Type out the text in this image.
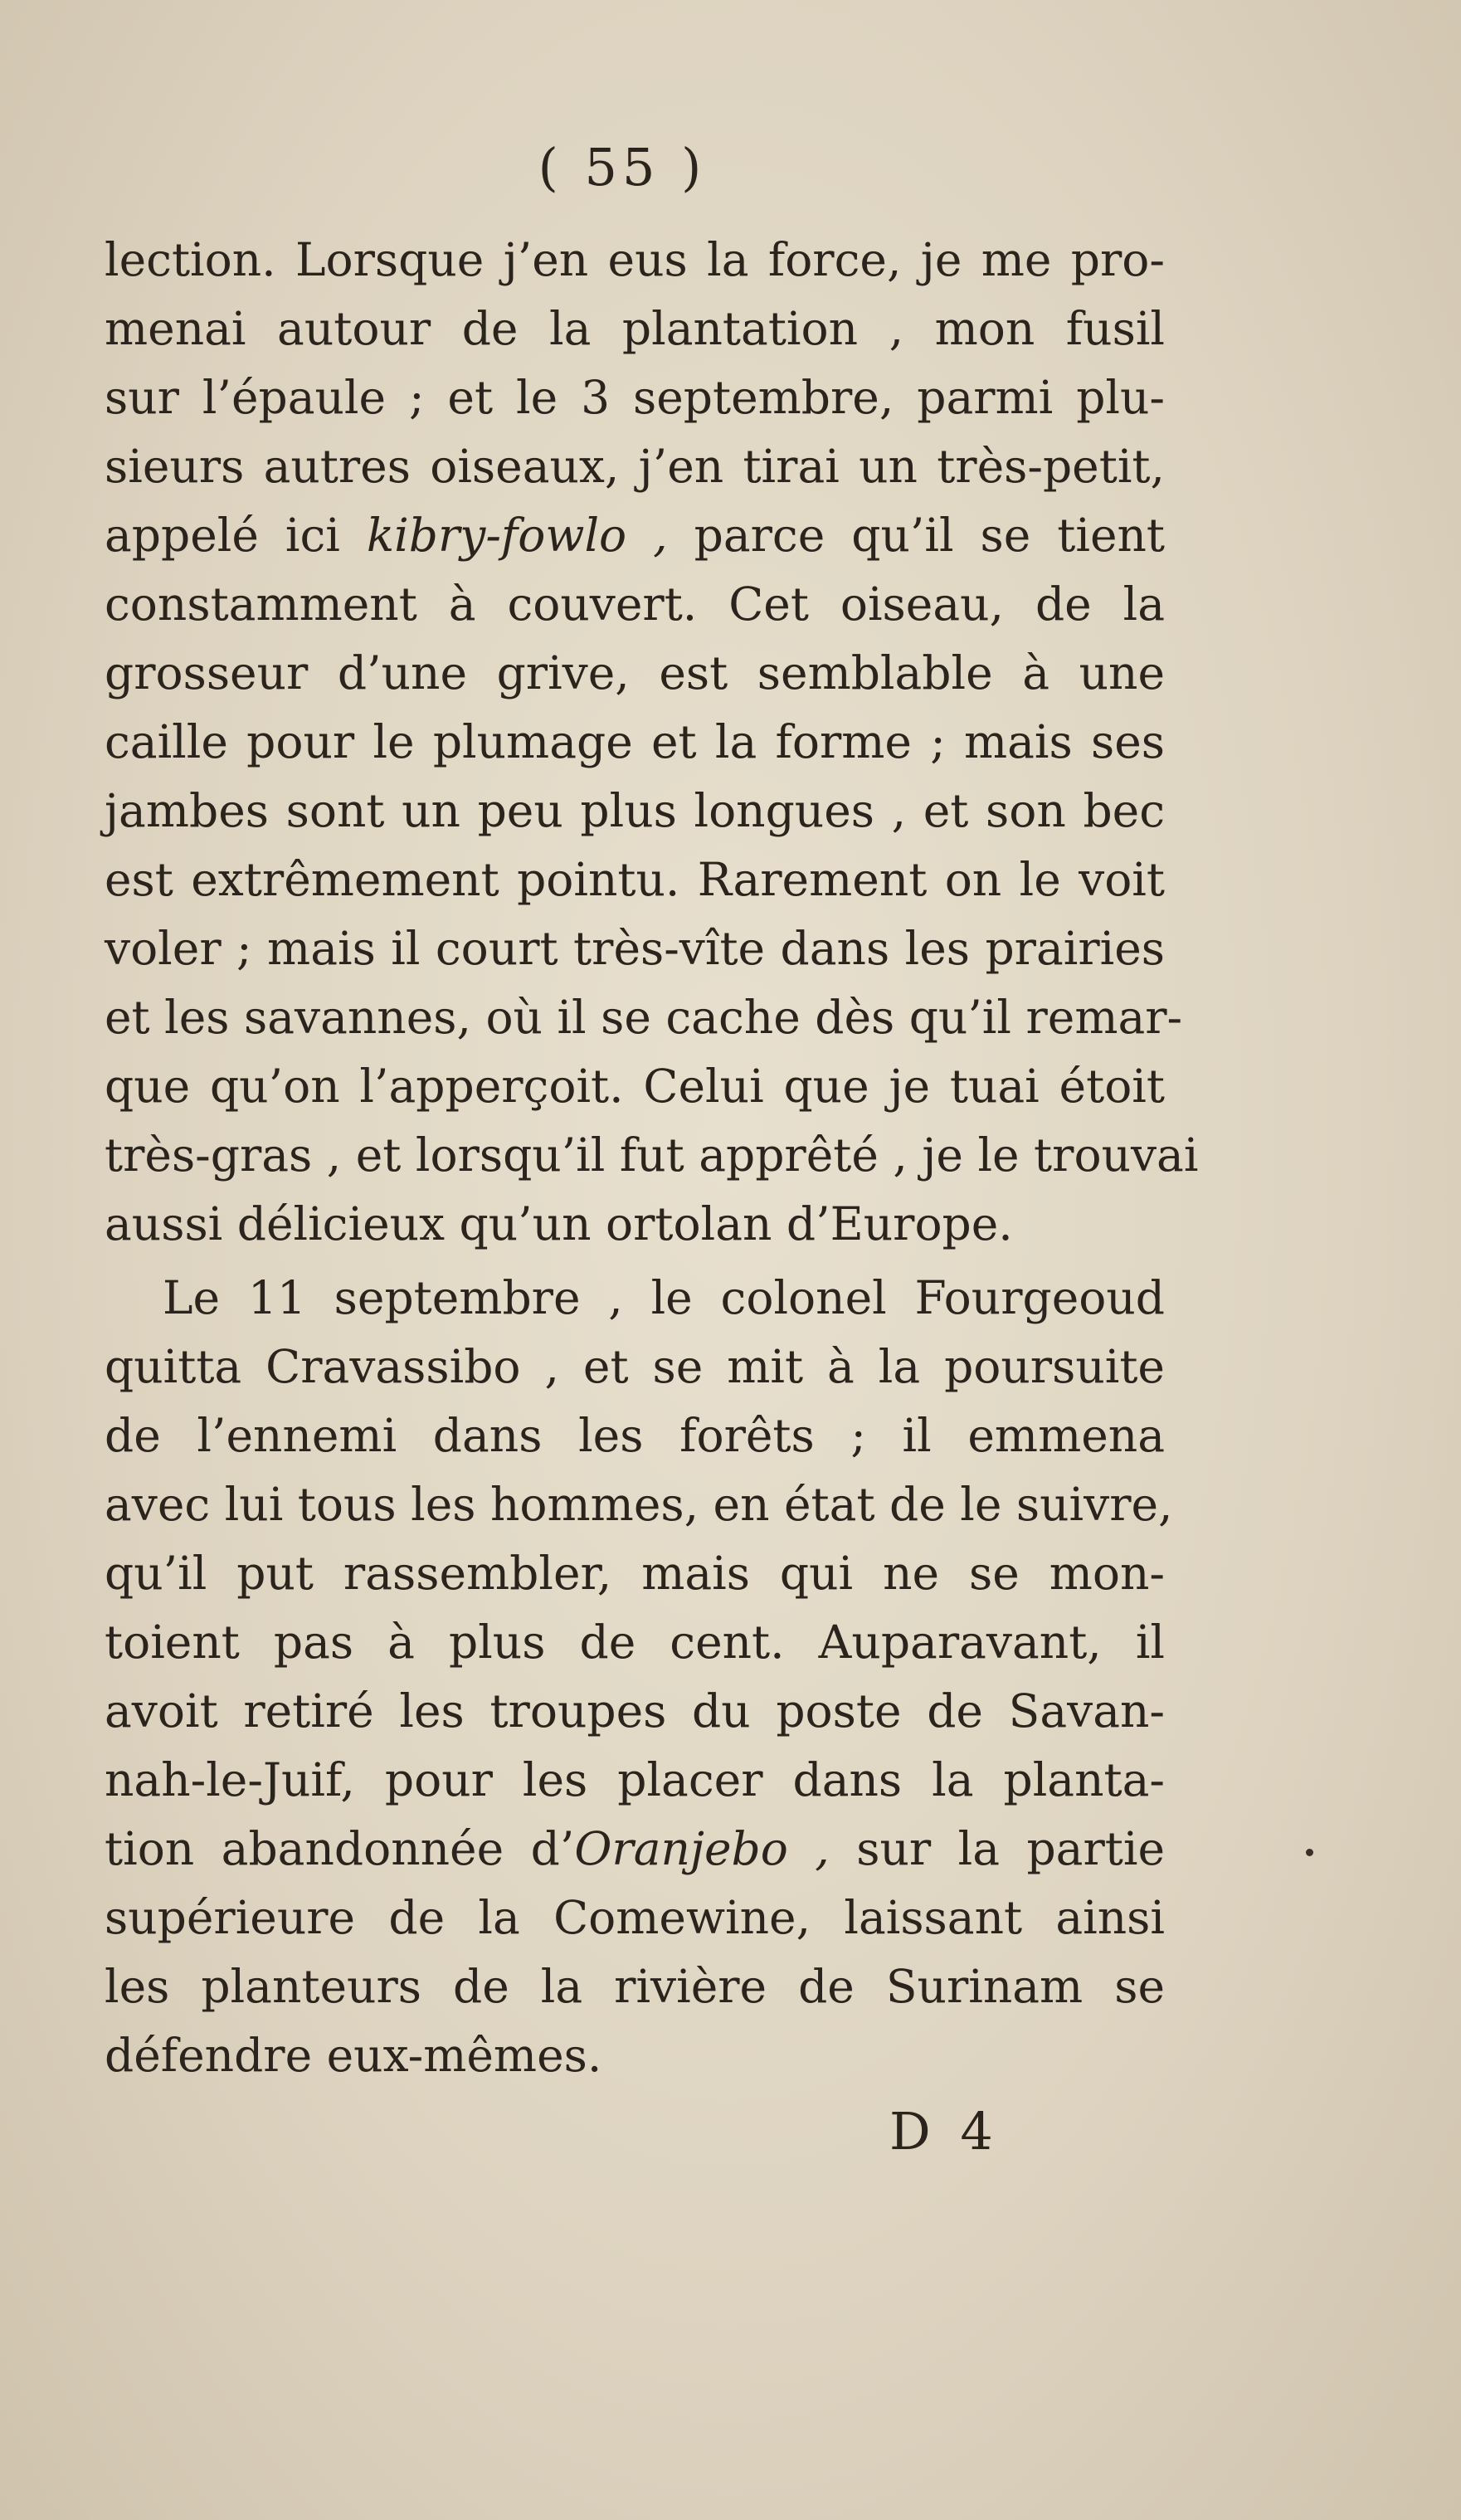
( 55 )
lection. Lorsque j’en eus la force, je me pro-
menai autour de la plantation , mon fusil
sur l’épaule ; et le 3 septembre, parmi plu-
sieurs autres oiseaux, j’en tirai un très-petit,
appelé ici kibry-fowlo , parce qu’il se tient
constamment à couvert. Cet oiseau, de la
grosseur d’une grive, est semblable à une
caille pour le plumage et la forme ; mais ses
jambes sont un peu plus longues , et son bec
est extrêmement pointu. Rarement on le voit
voler ; mais il court très-vîte dans les prairies
et les savannes, où il se cache dès qu’il remar-
que qu’on l’apperçoit. Celui que je tuai étoit
très-gras , et lorsqu’il fut apprêté , je le trouvai
aussi délicieux qu’un ortolan d’Europe.
Le 11 septembre , le colonel Fourgeoud
quitta Cravassibo , et se mit à la poursuite
de l’ennemi dans les forêts ; il emmena
avec lui tous les hommes, en état de le suivre,
qu’il put rassembler, mais qui ne se mon-
toient pas à plus de cent. Auparavant, il
avoit retiré les troupes du poste de Savan-
nah-le-Juif, pour les placer dans la planta-
tion abandonnée d’Oranjebo , sur la partie
supérieure de la Comewine, laissant ainsi
les planteurs de la rivière de Surinam se
défendre eux-mêmes.
D 4
